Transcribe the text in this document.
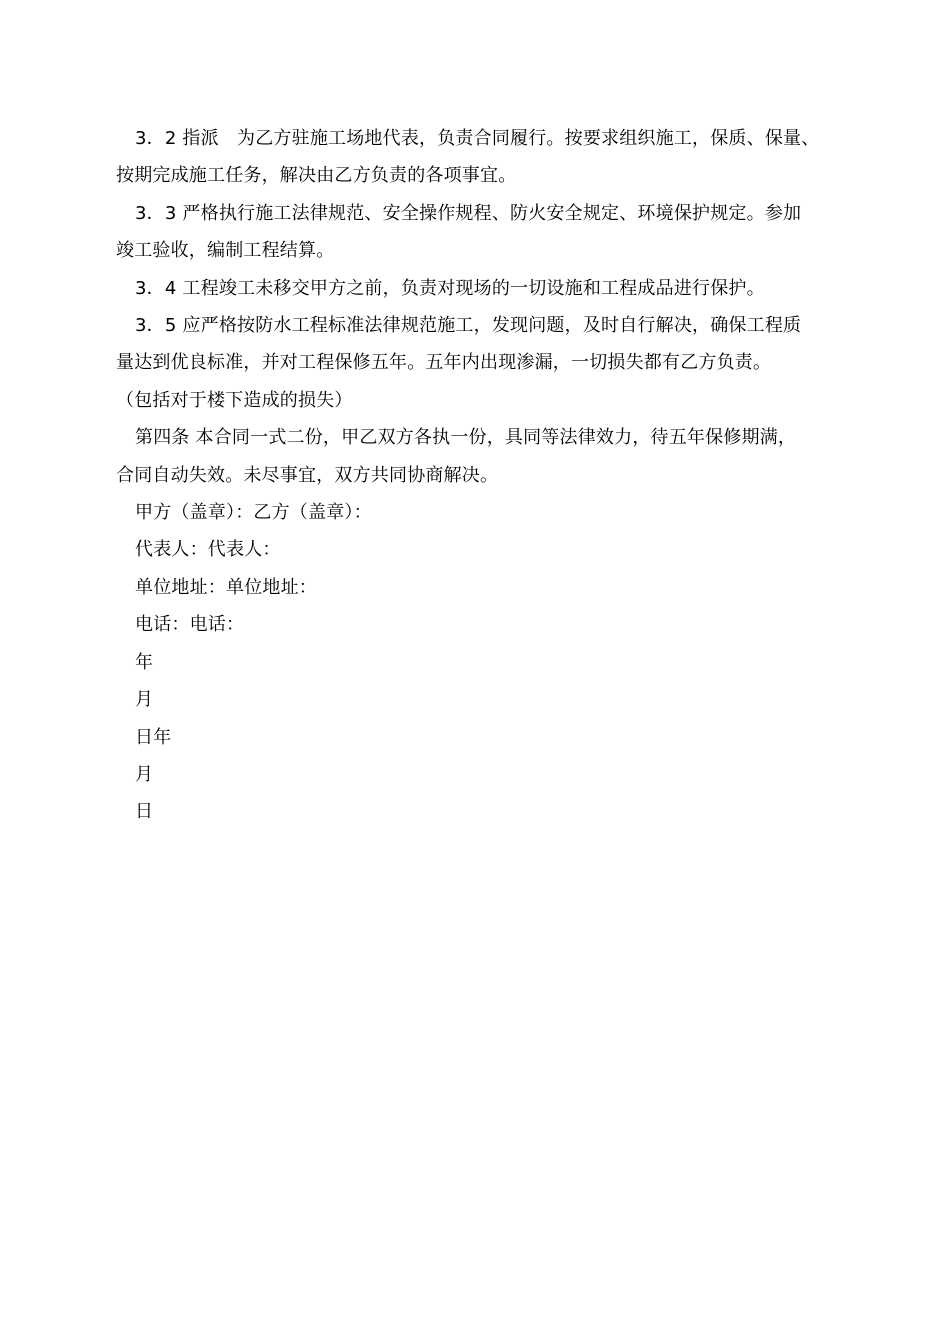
3．2 指派　为乙方驻施工场地代表，负责合同履行。按要求组织施工，保质、保量、
按期完成施工任务，解决由乙方负责的各项事宜。
3．3 严格执行施工法律规范、安全操作规程、防火安全规定、环境保护规定。参加
竣工验收，编制工程结算。
3．4 工程竣工未移交甲方之前，负责对现场的一切设施和工程成品进行保护。
3．5 应严格按防水工程标准法律规范施工，发现问题，及时自行解决，确保工程质
量达到优良标准，并对工程保修五年。五年内出现渗漏，一切损失都有乙方负责。
（包括对于楼下造成的损失）
第四条 本合同一式二份，甲乙双方各执一份，具同等法律效力，待五年保修期满，
合同自动失效。未尽事宜，双方共同协商解决。
甲方（盖章）：乙方（盖章）：
代表人：代表人：
单位地址：单位地址：
电话：电话：
年
月
日年
月
日
